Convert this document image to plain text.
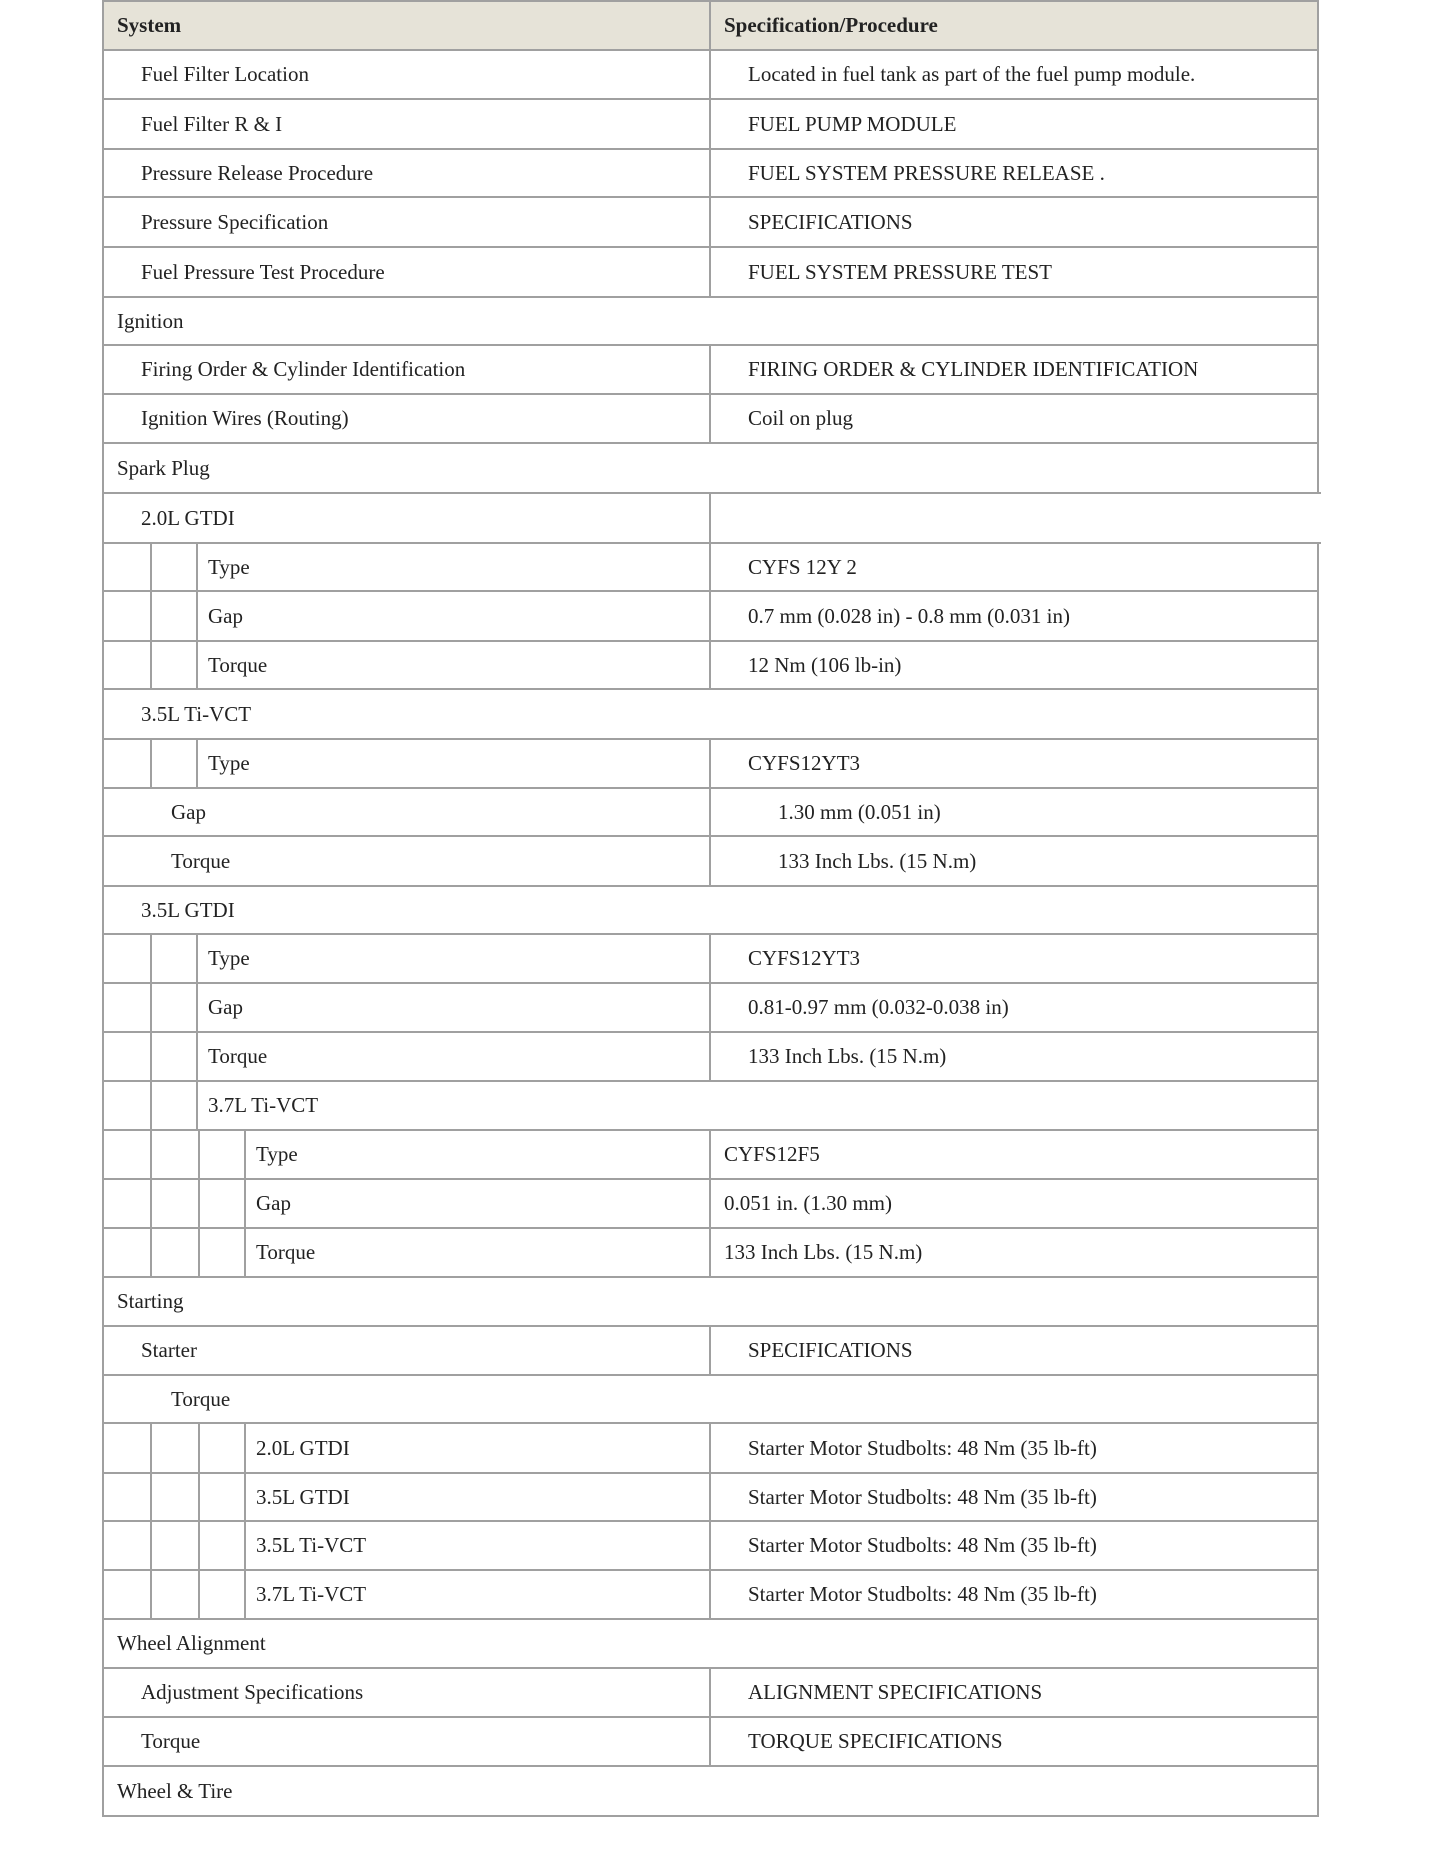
System	Specification/Procedure
Fuel Filter Location	Located in fuel tank as part of the fuel pump module.
Fuel Filter R & I	FUEL PUMP MODULE
Pressure Release Procedure	FUEL SYSTEM PRESSURE RELEASE .
Pressure Specification	SPECIFICATIONS
Fuel Pressure Test Procedure	FUEL SYSTEM PRESSURE TEST
Ignition
Firing Order & Cylinder Identification	FIRING ORDER & CYLINDER IDENTIFICATION
Ignition Wires (Routing)	Coil on plug
Spark Plug
2.0L GTDI
Type	CYFS 12Y 2
Gap	0.7 mm (0.028 in) - 0.8 mm (0.031 in)
Torque	12 Nm (106 lb-in)
3.5L Ti-VCT
Type	CYFS12YT3
Gap	1.30 mm (0.051 in)
Torque	133 Inch Lbs. (15 N.m)
3.5L GTDI
Type	CYFS12YT3
Gap	0.81-0.97 mm (0.032-0.038 in)
Torque	133 Inch Lbs. (15 N.m)
3.7L Ti-VCT
Type	CYFS12F5
Gap	0.051 in. (1.30 mm)
Torque	133 Inch Lbs. (15 N.m)
Starting
Starter	SPECIFICATIONS
Torque
2.0L GTDI	Starter Motor Studbolts: 48 Nm (35 lb-ft)
3.5L GTDI	Starter Motor Studbolts: 48 Nm (35 lb-ft)
3.5L Ti-VCT	Starter Motor Studbolts: 48 Nm (35 lb-ft)
3.7L Ti-VCT	Starter Motor Studbolts: 48 Nm (35 lb-ft)
Wheel Alignment
Adjustment Specifications	ALIGNMENT SPECIFICATIONS
Torque	TORQUE SPECIFICATIONS
Wheel & Tire
